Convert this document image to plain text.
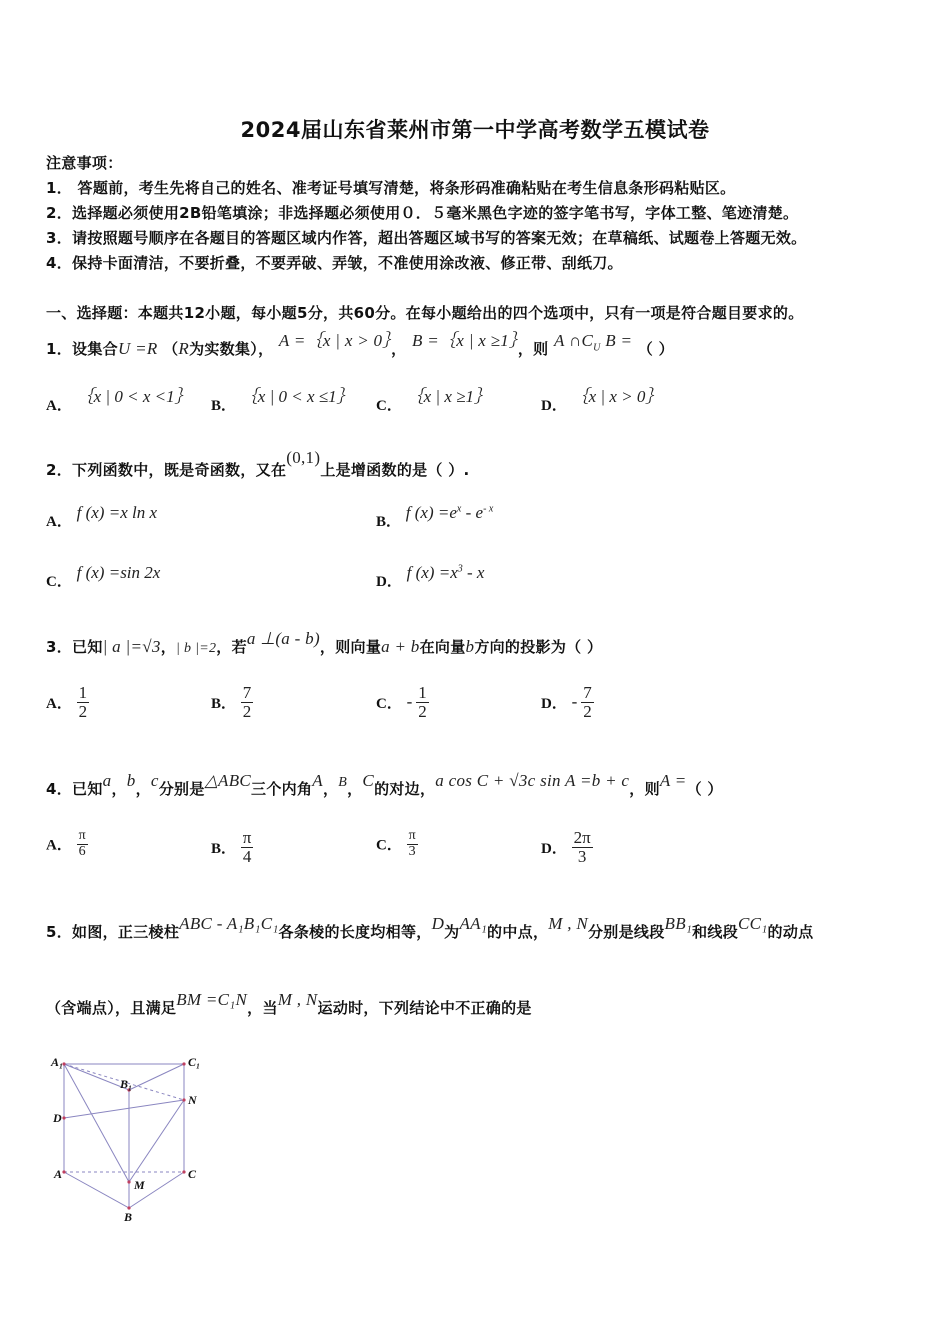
2024届山东省莱州市第一中学高考数学五模试卷
注意事项：
1． 答题前，考生先将自己的姓名、准考证号填写清楚，将条形码准确粘贴在考生信息条形码粘贴区。
2．选择题必须使用2B铅笔填涂；非选择题必须使用０．５毫米黑色字迹的签字笔书写，字体工整、笔迹清楚。
3．请按照题号顺序在各题目的答题区域内作答，超出答题区域书写的答案无效；在草稿纸、试题卷上答题无效。
4．保持卡面清洁，不要折叠，不要弄破、弄皱，不准使用涂改液、修正带、刮纸刀。
一、选择题：本题共12小题，每小题5分，共60分。在每小题给出的四个选项中，只有一项是符合题目要求的。
1．设集合U =R （R为实数集）， A =｛x | x > 0｝， B =｛x | x ≥1｝，则 A $\cap C_U$ B = （ ）
A． ｛x | 0 < x <1｝ B． ｛x | 0 < x ≤1｝ C． ｛x | x ≥1｝	D． ｛x | x > 0｝
2．下列函数中，既是奇函数，又在(0,1)上是增函数的是（ ）.
A． f (x) =x ln x	B． f $(x) =e^x - e^{- x}$
C． f (x) =sin 2x	D． f $(x) =x^3 - x$
3．已知| a |=√3，| b |=2，若a ⊥(a - b)，则向量a + b在向量b方向的投影为（ ）
A． $\frac{1}{2}$	B． $\frac{7}{2}$	C． - $\frac{1}{2}$	D． - $\frac{7}{2}$
4．已知a，b，c分别是△ABC三个内角A，B，C的对边，a cos C + √3c sin A =b + c，则A =（ ）
A． $\frac{\pi}{6}$	B． $\frac{\pi}{4}$	C． $\frac{\pi}{3}$	D． $\frac{2\pi}{3}$
5．如图，正三棱柱ABC - A₁B₁C₁各条棱的长度均相等，D为AA₁的中点，M , N分别是线段BB₁和线段CC₁的动点
（含端点），且满足BM =C₁N，当M , N运动时，下列结论中不正确的是
A₁	C₁
B₁
N
D
A	C
M
B
